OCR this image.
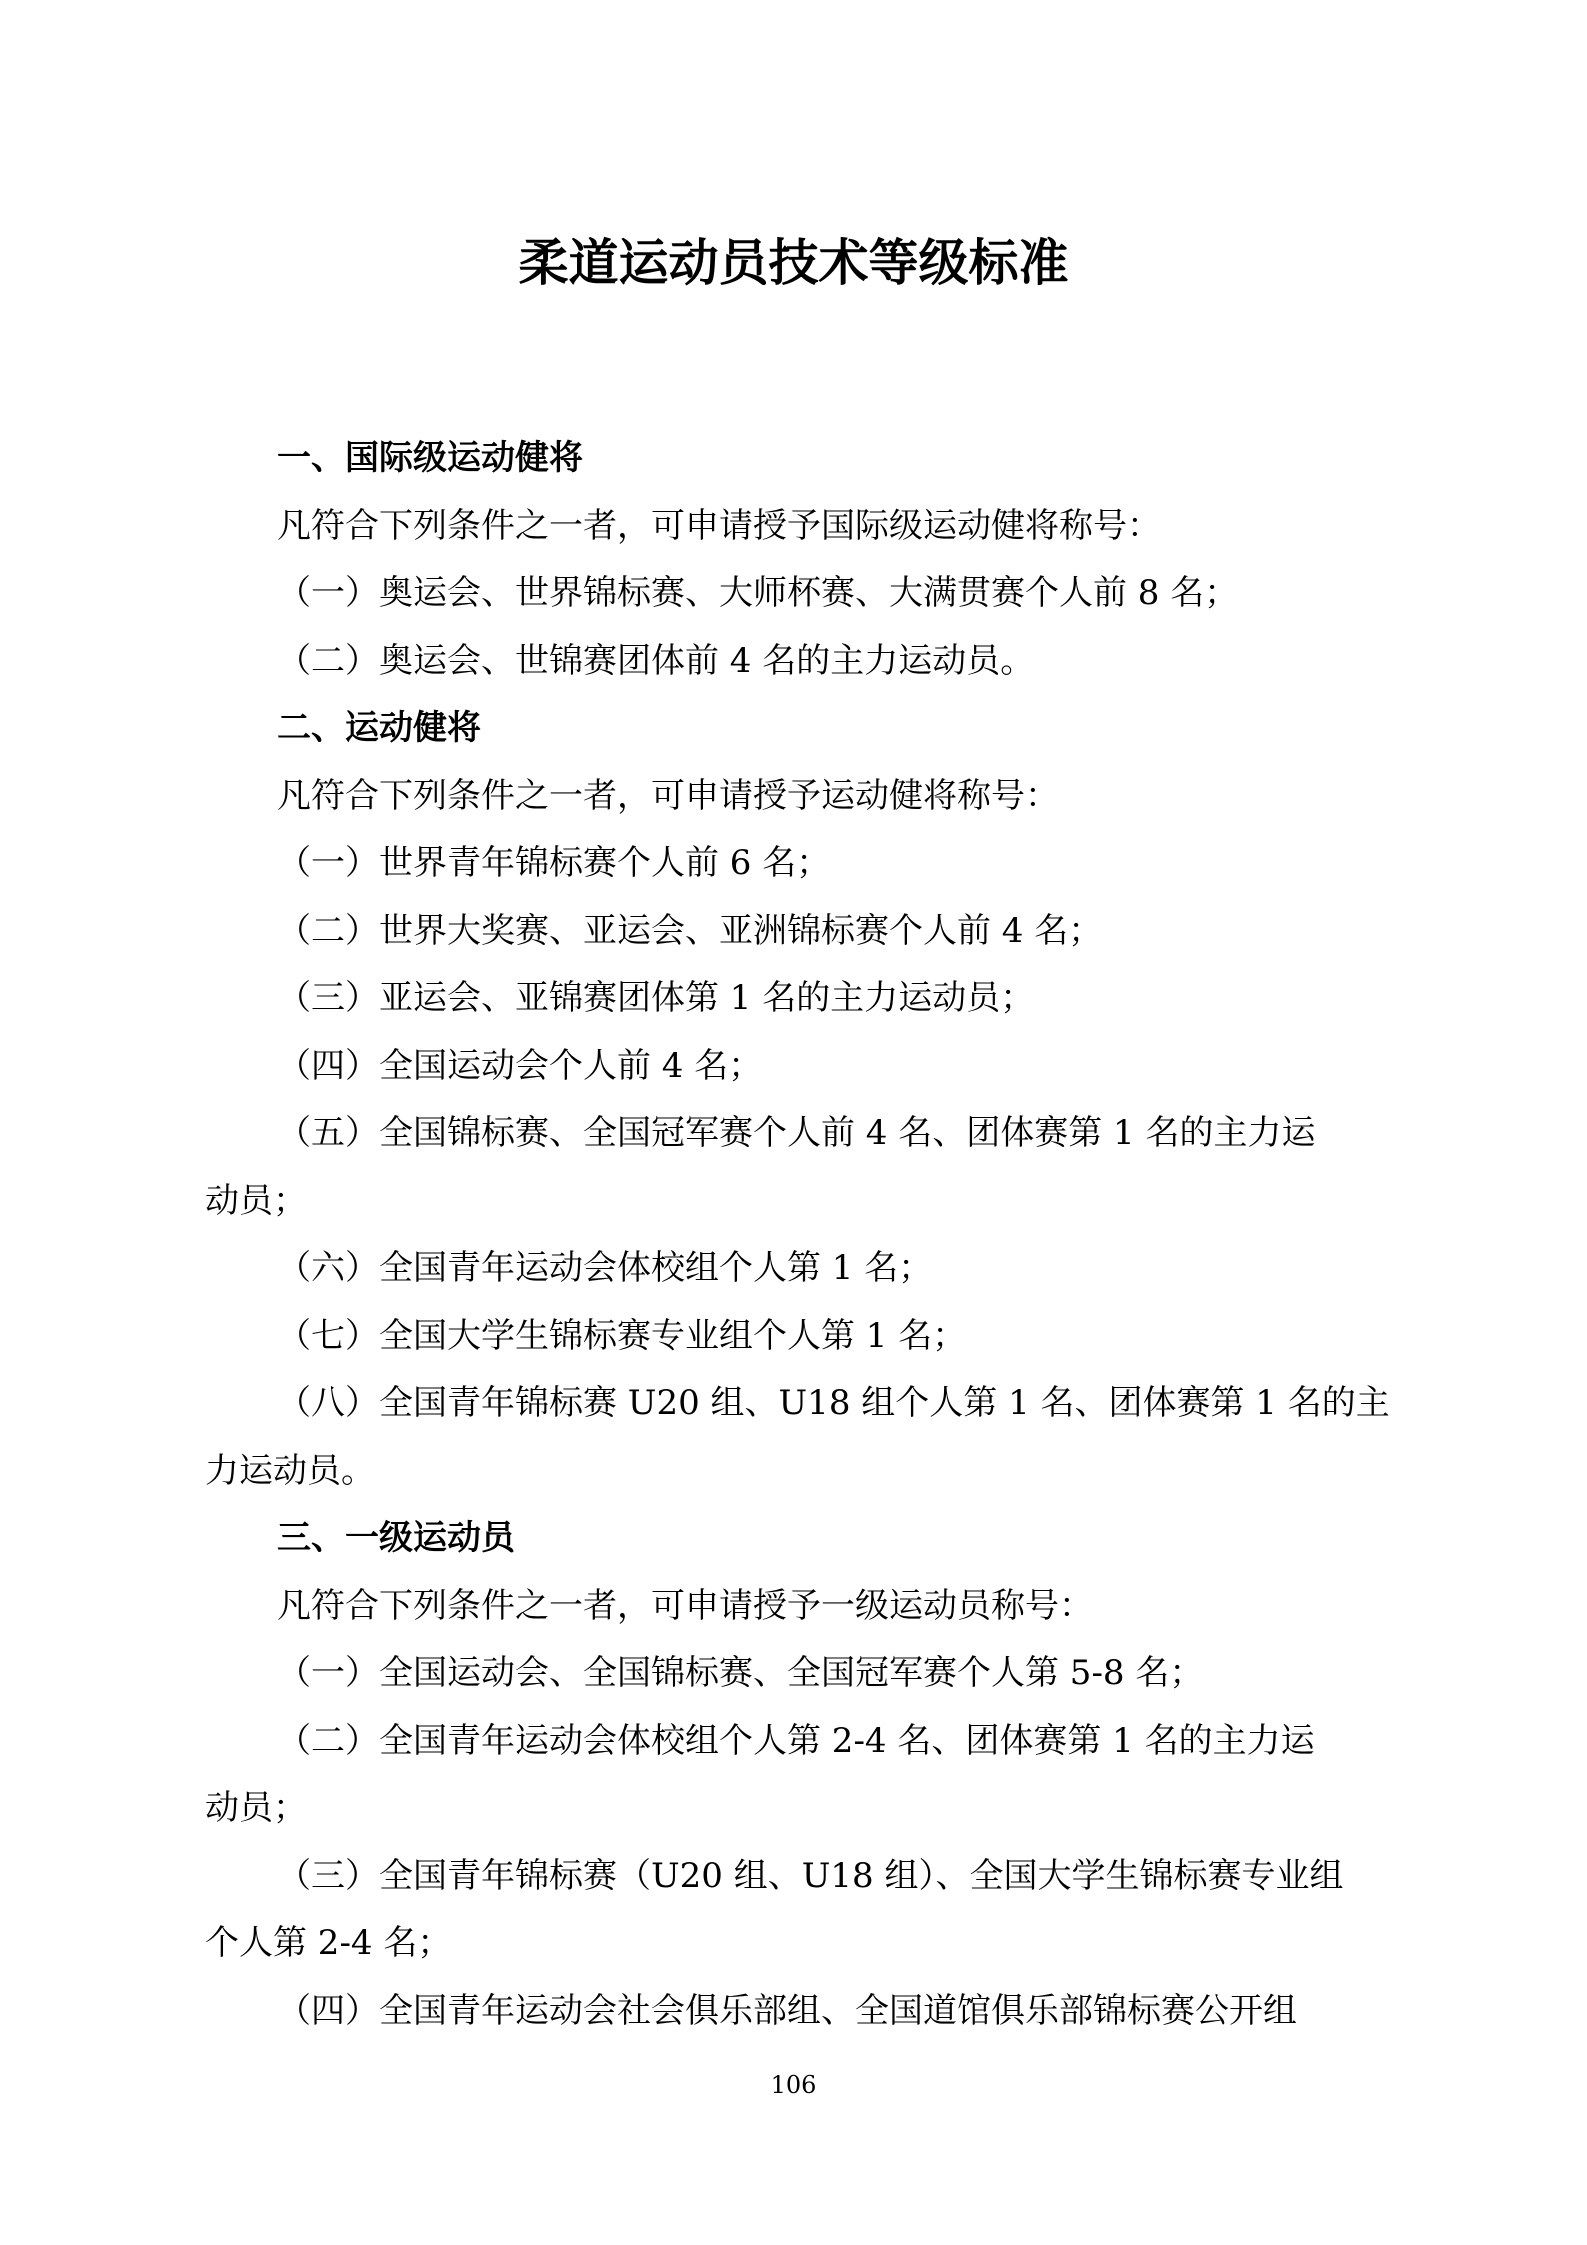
柔道运动员技术等级标准
一、国际级运动健将
凡符合下列条件之一者，可申请授予国际级运动健将称号：
（一）奥运会、世界锦标赛、大师杯赛、大满贯赛个人前 8 名；
（二）奥运会、世锦赛团体前 4 名的主力运动员。
二、运动健将
凡符合下列条件之一者，可申请授予运动健将称号：
（一）世界青年锦标赛个人前 6 名；
（二）世界大奖赛、亚运会、亚洲锦标赛个人前 4 名；
（三）亚运会、亚锦赛团体第 1 名的主力运动员；
（四）全国运动会个人前 4 名；
（五）全国锦标赛、全国冠军赛个人前 4 名、团体赛第 1 名的主力运
动员；
（六）全国青年运动会体校组个人第 1 名；
（七）全国大学生锦标赛专业组个人第 1 名；
（八）全国青年锦标赛 U20 组、U18 组个人第 1 名、团体赛第 1 名的主
力运动员。
三、一级运动员
凡符合下列条件之一者，可申请授予一级运动员称号：
（一）全国运动会、全国锦标赛、全国冠军赛个人第 5-8 名；
（二）全国青年运动会体校组个人第 2-4 名、团体赛第 1 名的主力运
动员；
（三）全国青年锦标赛（U20 组、U18 组）、全国大学生锦标赛专业组
个人第 2-4 名；
（四）全国青年运动会社会俱乐部组、全国道馆俱乐部锦标赛公开组
106
